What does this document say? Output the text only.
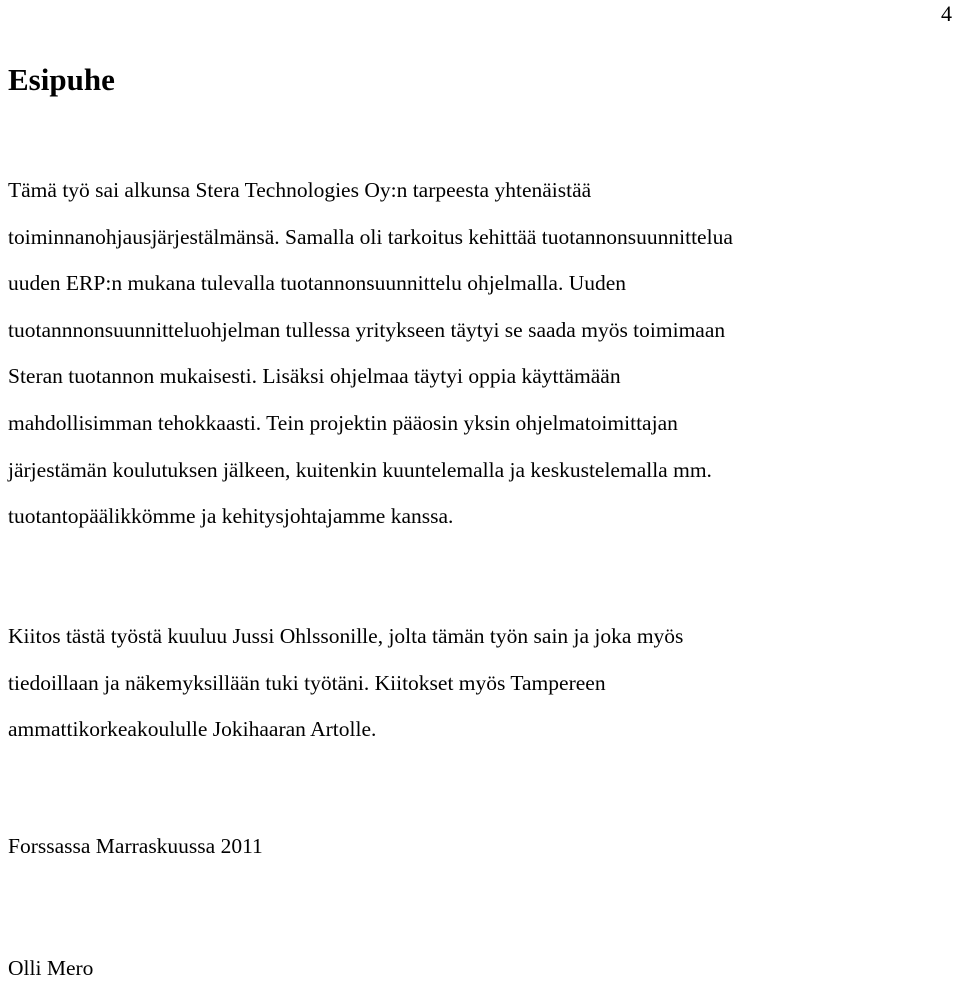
4
Esipuhe

Tämä työ sai alkunsa Stera Technologies Oy:n tarpeesta yhtenäistää
toiminnanohjausjärjestälmänsä. Samalla oli tarkoitus kehittää tuotannonsuunnittelua
uuden ERP:n mukana tulevalla tuotannonsuunnittelu ohjelmalla. Uuden
tuotannnonsuunnitteluohjelman tullessa yritykseen täytyi se saada myös toimimaan
Steran tuotannon mukaisesti. Lisäksi ohjelmaa täytyi oppia käyttämään
mahdollisimman tehokkaasti. Tein projektin pääosin yksin ohjelmatoimittajan
järjestämän koulutuksen jälkeen, kuitenkin kuuntelemalla ja keskustelemalla mm.
tuotantopäälikkömme ja kehitysjohtajamme kanssa.

Kiitos tästä työstä kuuluu Jussi Ohlssonille, jolta tämän työn sain ja joka myös
tiedoillaan ja näkemyksillään tuki työtäni. Kiitokset myös Tampereen
ammattikorkeakoululle Jokihaaran Artolle.

Forssassa Marraskuussa 2011

Olli Mero
